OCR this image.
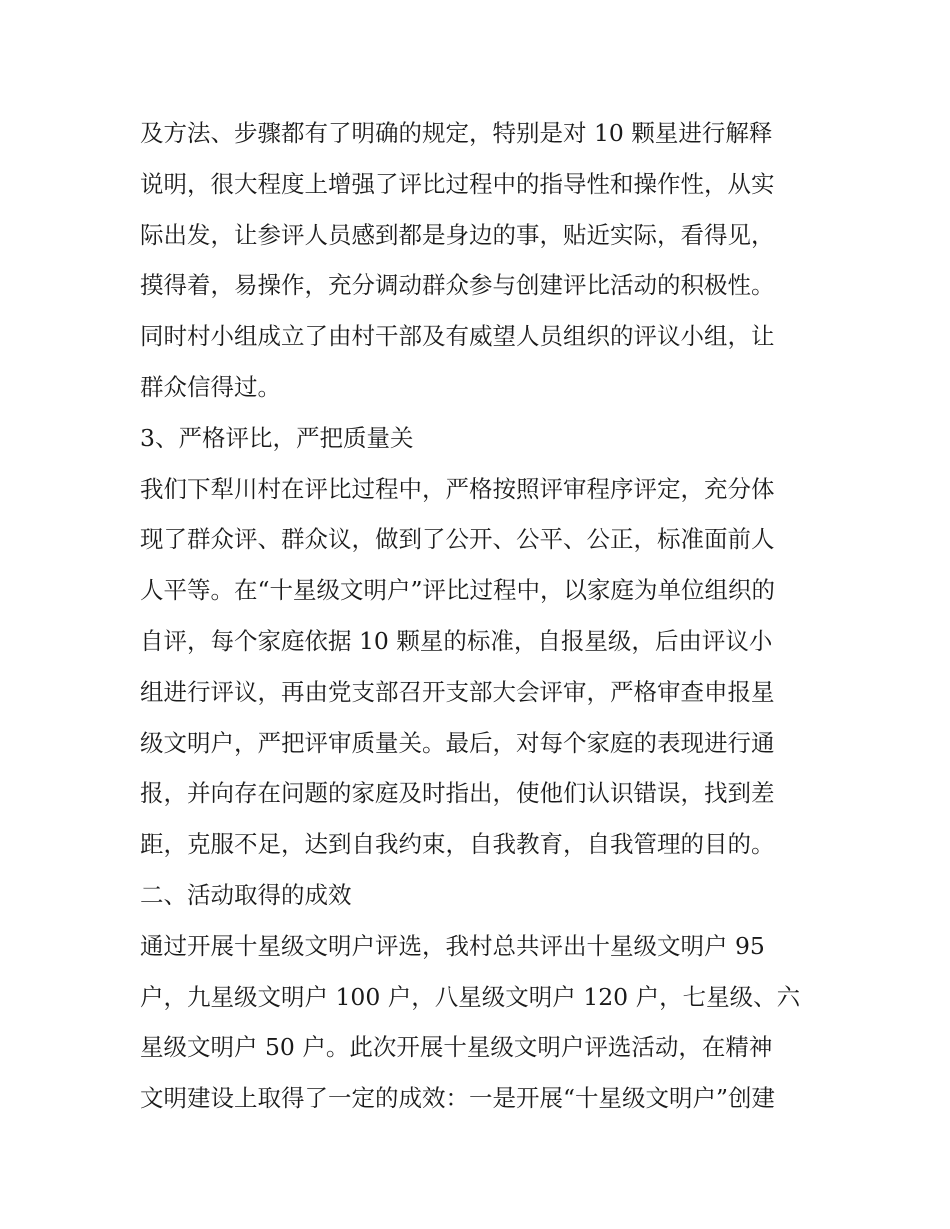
及方法、步骤都有了明确的规定，特别是对 10 颗星进行解释
说明，很大程度上增强了评比过程中的指导性和操作性，从实
际出发，让参评人员感到都是身边的事，贴近实际，看得见，
摸得着，易操作，充分调动群众参与创建评比活动的积极性。
同时村小组成立了由村干部及有威望人员组织的评议小组，让
群众信得过。
3、严格评比，严把质量关
我们下犁川村在评比过程中，严格按照评审程序评定，充分体
现了群众评、群众议，做到了公开、公平、公正，标准面前人
人平等。在“十星级文明户”评比过程中，以家庭为单位组织的
自评，每个家庭依据 10 颗星的标准，自报星级，后由评议小
组进行评议，再由党支部召开支部大会评审，严格审查申报星
级文明户，严把评审质量关。最后，对每个家庭的表现进行通
报，并向存在问题的家庭及时指出，使他们认识错误，找到差
距，克服不足，达到自我约束，自我教育，自我管理的目的。
二、活动取得的成效
通过开展十星级文明户评选，我村总共评出十星级文明户 95
户，九星级文明户 100 户，八星级文明户 120 户，七星级、六
星级文明户 50 户。此次开展十星级文明户评选活动，在精神
文明建设上取得了一定的成效：一是开展“十星级文明户”创建
